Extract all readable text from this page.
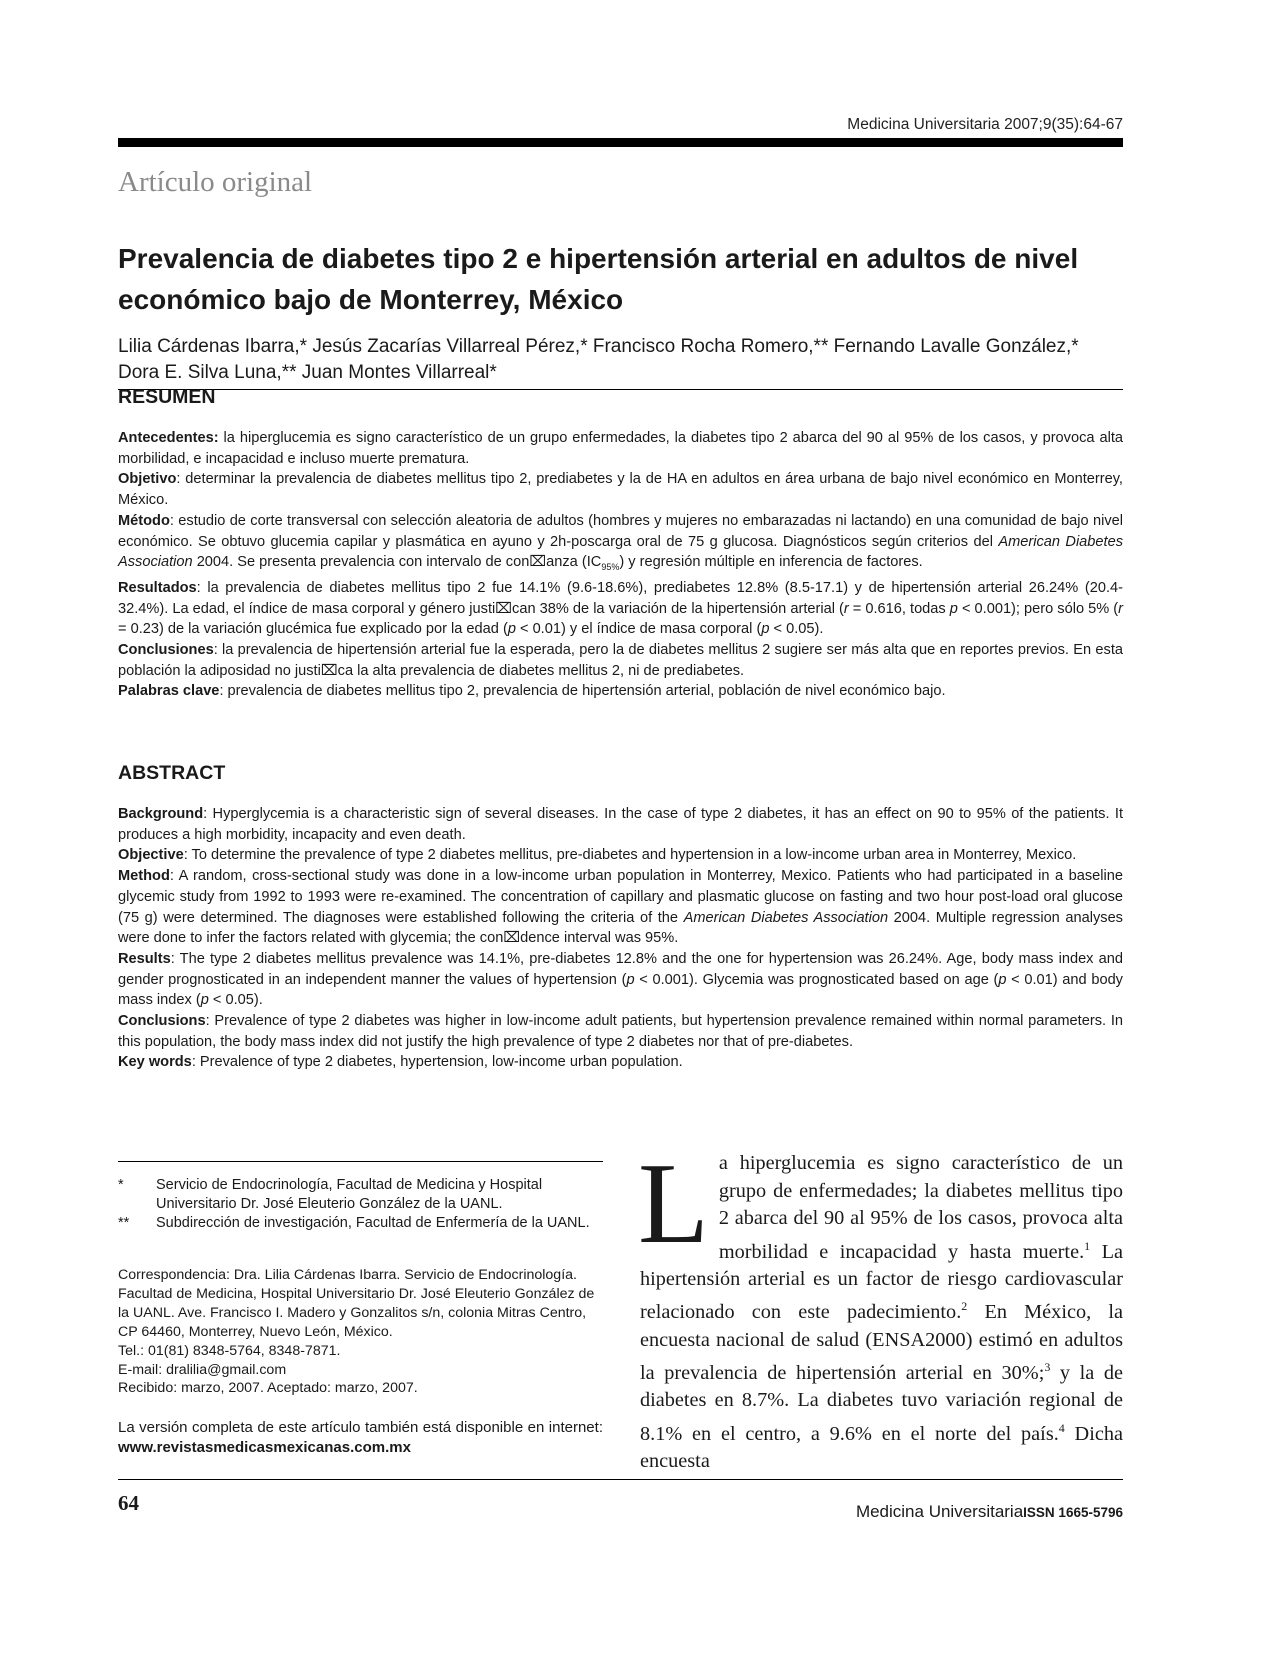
Medicina Universitaria 2007;9(35):64-67
Artículo original
Prevalencia de diabetes tipo 2 e hipertensión arterial en adultos de nivel económico bajo de Monterrey, México

Lilia Cárdenas Ibarra,* Jesús Zacarías Villarreal Pérez,* Francisco Rocha Romero,** Fernando Lavalle González,* Dora E. Silva Luna,** Juan Montes Villarreal*

RESUMEN

Antecedentes: la hiperglucemia es signo característico de un grupo enfermedades, la diabetes tipo 2 abarca del 90 al 95% de los casos, y provoca alta morbilidad, e incapacidad e incluso muerte prematura.

Objetivo: determinar la prevalencia de diabetes mellitus tipo 2, prediabetes y la de HA en adultos en área urbana de bajo nivel económico en Monterrey, México.

Método: estudio de corte transversal con selección aleatoria de adultos (hombres y mujeres no embarazadas ni lactando) en una comunidad de bajo nivel económico. Se obtuvo glucemia capilar y plasmática en ayuno y 2h-poscarga oral de 75 g glucosa. Diagnósticos según criterios del American Diabetes Association 2004. Se presenta prevalencia con intervalo de con⌧anza $(IC_{95\%})$ y regresión múltiple en inferencia de factores.

Resultados: la prevalencia de diabetes mellitus tipo 2 fue 14.1% (9.6-18.6%), prediabetes 12.8% (8.5-17.1) y de hipertensión arterial 26.24% (20.4-32.4%). La edad, el índice de masa corporal y género justi⌧can 38% de la variación de la hipertensión arterial (r = 0.616, todas p < 0.001); pero sólo 5% (r = 0.23) de la variación glucémica fue explicado por la edad (p < 0.01) y el índice de masa corporal (p < 0.05).

Conclusiones: la prevalencia de hipertensión arterial fue la esperada, pero la de diabetes mellitus 2 sugiere ser más alta que en reportes previos. En esta población la adiposidad no justi⌧ca la alta prevalencia de diabetes mellitus 2, ni de prediabetes.

Palabras clave: prevalencia de diabetes mellitus tipo 2, prevalencia de hipertensión arterial, población de nivel económico bajo.

ABSTRACT

Background: Hyperglycemia is a characteristic sign of several diseases. In the case of type 2 diabetes, it has an effect on 90 to 95% of the patients. It produces a high morbidity, incapacity and even death.

Objective: To determine the prevalence of type 2 diabetes mellitus, pre-diabetes and hypertension in a low-income urban area in Monterrey, Mexico.

Method: A random, cross-sectional study was done in a low-income urban population in Monterrey, Mexico. Patients who had participated in a baseline glycemic study from 1992 to 1993 were re-examined. The concentration of capillary and plasmatic glucose on fasting and two hour post-load oral glucose (75 g) were determined. The diagnoses were established following the criteria of the American Diabetes Association 2004. Multiple regression analyses were done to infer the factors related with glycemia; the con⌧dence interval was 95%.

Results: The type 2 diabetes mellitus prevalence was 14.1%, pre-diabetes 12.8% and the one for hypertension was 26.24%. Age, body mass index and gender prognosticated in an independent manner the values of hypertension (p < 0.001). Glycemia was prognosticated based on age (p < 0.01) and body mass index (p < 0.05).

Conclusions: Prevalence of type 2 diabetes was higher in low-income adult patients, but hypertension prevalence remained within normal parameters. In this population, the body mass index did not justify the high prevalence of type 2 diabetes nor that of pre-diabetes.

Key words: Prevalence of type 2 diabetes, hypertension, low-income urban population.

*	Servicio de Endocrinología, Facultad de Medicina y Hospital Universitario Dr. José Eleuterio González de la UANL.
**	Subdirección de investigación, Facultad de Enfermería de la UANL.

Correspondencia: Dra. Lilia Cárdenas Ibarra. Servicio de Endocrinología. Facultad de Medicina, Hospital Universitario Dr. José Eleuterio González de la UANL. Ave. Francisco I. Madero y Gonzalitos s/n, colonia Mitras Centro, CP 64460, Monterrey, Nuevo León, México.

Tel.: 01(81) 8348-5764, 8348-7871.

E-mail: dralilia@gmail.com

Recibido: marzo, 2007. Aceptado: marzo, 2007.

La versión completa de este artículo también está disponible en internet: www.revistasmedicasmexicanas.com.mx

La hiperglucemia es signo característico de un grupo de enfermedades; la diabetes mellitus tipo 2 abarca del 90 al 95% de los casos, provoca alta morbilidad e incapacidad y hasta muerte.$^1$ La hipertensión arterial es un factor de riesgo cardiovascular relacionado con este padecimiento.$^2$ En México, la encuesta nacional de salud (ENSA2000) estimó en adultos la prevalencia de hipertensión arterial en 30%;$^3$ y la de diabetes en 8.7%. La diabetes tuvo variación regional de 8.1% en el centro, a 9.6% en el norte del país.$^4$ Dicha encuesta

64	Medicina UniversitariaISSN 1665-5796
